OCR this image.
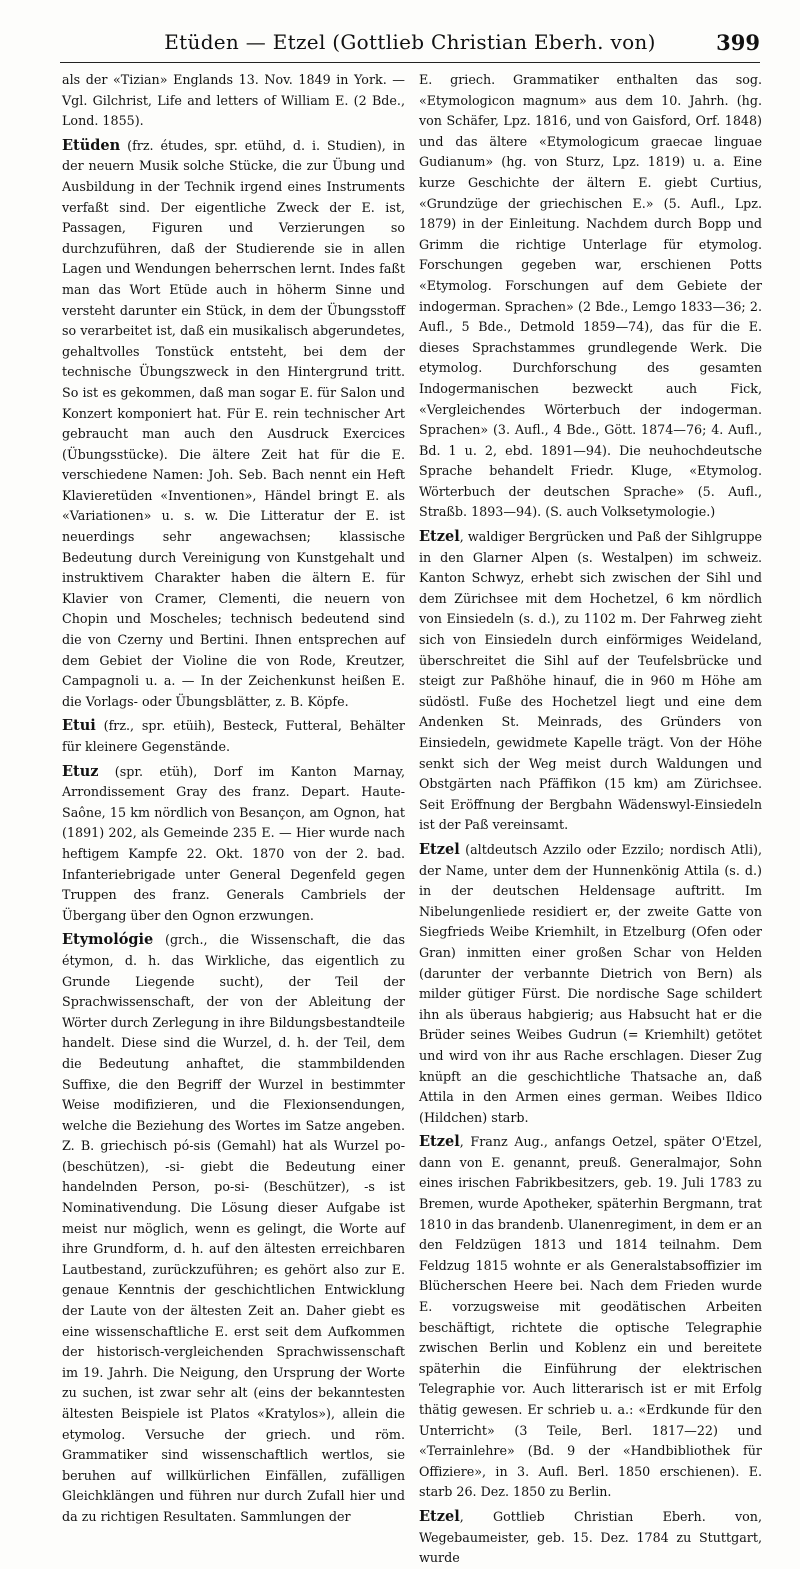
Etüden — Etzel (Gottlieb Christian Eberh. von)	399

als der «Tizian» Englands 13. Nov. 1849 in York. — Vgl. Gilchrist, Life and letters of William E. (2 Bde., Lond. 1855).

Etüden (frz. études, spr. etühd, d. i. Studien), in der neuern Musik solche Stücke, die zur Übung und Ausbildung in der Technik irgend eines Instruments verfaßt sind. Der eigentliche Zweck der E. ist, Passagen, Figuren und Verzierungen so durchzuführen, daß der Studierende sie in allen Lagen und Wendungen beherrschen lernt. Indes faßt man das Wort Etüde auch in höherm Sinne und versteht darunter ein Stück, in dem der Übungsstoff so verarbeitet ist, daß ein musikalisch abgerundetes, gehaltvolles Tonstück entsteht, bei dem der technische Übungszweck in den Hintergrund tritt. So ist es gekommen, daß man sogar E. für Salon und Konzert komponiert hat. Für E. rein technischer Art gebraucht man auch den Ausdruck Exercices (Übungsstücke). Die ältere Zeit hat für die E. verschiedene Namen: Joh. Seb. Bach nennt ein Heft Klavieretüden «Inventionen», Händel bringt E. als «Variationen» u. s. w. Die Litteratur der E. ist neuerdings sehr angewachsen; klassische Bedeutung durch Vereinigung von Kunstgehalt und instruktivem Charakter haben die ältern E. für Klavier von Cramer, Clementi, die neuern von Chopin und Moscheles; technisch bedeutend sind die von Czerny und Bertini. Ihnen entsprechen auf dem Gebiet der Violine die von Rode, Kreutzer, Campagnoli u. a. — In der Zeichenkunst heißen E. die Vorlags- oder Übungsblätter, z. B. Köpfe.

Etui (frz., spr. etüih), Besteck, Futteral, Behälter für kleinere Gegenstände.

Etuz (spr. etüh), Dorf im Kanton Marnay, Arrondissement Gray des franz. Depart. Haute-Saône, 15 km nördlich von Besançon, am Ognon, hat (1891) 202, als Gemeinde 235 E. — Hier wurde nach heftigem Kampfe 22. Okt. 1870 von der 2. bad. Infanteriebrigade unter General Degenfeld gegen Truppen des franz. Generals Cambriels der Übergang über den Ognon erzwungen.

Etymológie (grch., die Wissenschaft, die das étymon, d. h. das Wirkliche, das eigentlich zu Grunde Liegende sucht), der Teil der Sprachwissenschaft, der von der Ableitung der Wörter durch Zerlegung in ihre Bildungsbestandteile handelt. Diese sind die Wurzel, d. h. der Teil, dem die Bedeutung anhaftet, die stammbildenden Suffixe, die den Begriff der Wurzel in bestimmter Weise modifizieren, und die Flexionsendungen, welche die Beziehung des Wortes im Satze angeben. Z. B. griechisch pó-sis (Gemahl) hat als Wurzel po- (beschützen), -si- giebt die Bedeutung einer handelnden Person, po-si- (Beschützer), -s ist Nominativendung. Die Lösung dieser Aufgabe ist meist nur möglich, wenn es gelingt, die Worte auf ihre Grundform, d. h. auf den ältesten erreichbaren Lautbestand, zurückzuführen; es gehört also zur E. genaue Kenntnis der geschichtlichen Entwicklung der Laute von der ältesten Zeit an. Daher giebt es eine wissenschaftliche E. erst seit dem Aufkommen der historisch-vergleichenden Sprachwissenschaft im 19. Jahrh. Die Neigung, den Ursprung der Worte zu suchen, ist zwar sehr alt (eins der bekanntesten ältesten Beispiele ist Platos «Kratylos»), allein die etymolog. Versuche der griech. und röm. Grammatiker sind wissenschaftlich wertlos, sie beruhen auf willkürlichen Einfällen, zufälligen Gleichklängen und führen nur durch Zufall hier und da zu richtigen Resultaten. Sammlungen der

E. griech. Grammatiker enthalten das sog. «Etymologicon magnum» aus dem 10. Jahrh. (hg. von Schäfer, Lpz. 1816, und von Gaisford, Orf. 1848) und das ältere «Etymologicum graecae linguae Gudianum» (hg. von Sturz, Lpz. 1819) u. a. Eine kurze Geschichte der ältern E. giebt Curtius, «Grundzüge der griechischen E.» (5. Aufl., Lpz. 1879) in der Einleitung. Nachdem durch Bopp und Grimm die richtige Unterlage für etymolog. Forschungen gegeben war, erschienen Potts «Etymolog. Forschungen auf dem Gebiete der indogerman. Sprachen» (2 Bde., Lemgo 1833—36; 2. Aufl., 5 Bde., Detmold 1859—74), das für die E. dieses Sprachstammes grundlegende Werk. Die etymolog. Durchforschung des gesamten Indogermanischen bezweckt auch Fick, «Vergleichendes Wörterbuch der indogerman. Sprachen» (3. Aufl., 4 Bde., Gött. 1874—76; 4. Aufl., Bd. 1 u. 2, ebd. 1891—94). Die neuhochdeutsche Sprache behandelt Friedr. Kluge, «Etymolog. Wörterbuch der deutschen Sprache» (5. Aufl., Straßb. 1893—94). (S. auch Volksetymologie.)

Etzel, waldiger Bergrücken und Paß der Sihlgruppe in den Glarner Alpen (s. Westalpen) im schweiz. Kanton Schwyz, erhebt sich zwischen der Sihl und dem Zürichsee mit dem Hochetzel, 6 km nördlich von Einsiedeln (s. d.), zu 1102 m. Der Fahrweg zieht sich von Einsiedeln durch einförmiges Weideland, überschreitet die Sihl auf der Teufelsbrücke und steigt zur Paßhöhe hinauf, die in 960 m Höhe am südöstl. Fuße des Hochetzel liegt und eine dem Andenken St. Meinrads, des Gründers von Einsiedeln, gewidmete Kapelle trägt. Von der Höhe senkt sich der Weg meist durch Waldungen und Obstgärten nach Pfäffikon (15 km) am Zürichsee. Seit Eröffnung der Bergbahn Wädenswyl-Einsiedeln ist der Paß vereinsamt.

Etzel (altdeutsch Azzilo oder Ezzilo; nordisch Atli), der Name, unter dem der Hunnenkönig Attila (s. d.) in der deutschen Heldensage auftritt. Im Nibelungenliede residiert er, der zweite Gatte von Siegfrieds Weibe Kriemhilt, in Etzelburg (Ofen oder Gran) inmitten einer großen Schar von Helden (darunter der verbannte Dietrich von Bern) als milder gütiger Fürst. Die nordische Sage schildert ihn als überaus habgierig; aus Habsucht hat er die Brüder seines Weibes Gudrun (= Kriemhilt) getötet und wird von ihr aus Rache erschlagen. Dieser Zug knüpft an die geschichtliche Thatsache an, daß Attila in den Armen eines german. Weibes Ildico (Hildchen) starb.

Etzel, Franz Aug., anfangs Oetzel, später O'Etzel, dann von E. genannt, preuß. Generalmajor, Sohn eines irischen Fabrikbesitzers, geb. 19. Juli 1783 zu Bremen, wurde Apotheker, späterhin Bergmann, trat 1810 in das brandenb. Ulanenregiment, in dem er an den Feldzügen 1813 und 1814 teilnahm. Dem Feldzug 1815 wohnte er als Generalstabsoffizier im Blücherschen Heere bei. Nach dem Frieden wurde E. vorzugsweise mit geodätischen Arbeiten beschäftigt, richtete die optische Telegraphie zwischen Berlin und Koblenz ein und bereitete späterhin die Einführung der elektrischen Telegraphie vor. Auch litterarisch ist er mit Erfolg thätig gewesen. Er schrieb u. a.: «Erdkunde für den Unterricht» (3 Teile, Berl. 1817—22) und «Terrainlehre» (Bd. 9 der «Handbibliothek für Offiziere», in 3. Aufl. Berl. 1850 erschienen). E. starb 26. Dez. 1850 zu Berlin.

Etzel, Gottlieb Christian Eberh. von, Wegebaumeister, geb. 15. Dez. 1784 zu Stuttgart, wurde
